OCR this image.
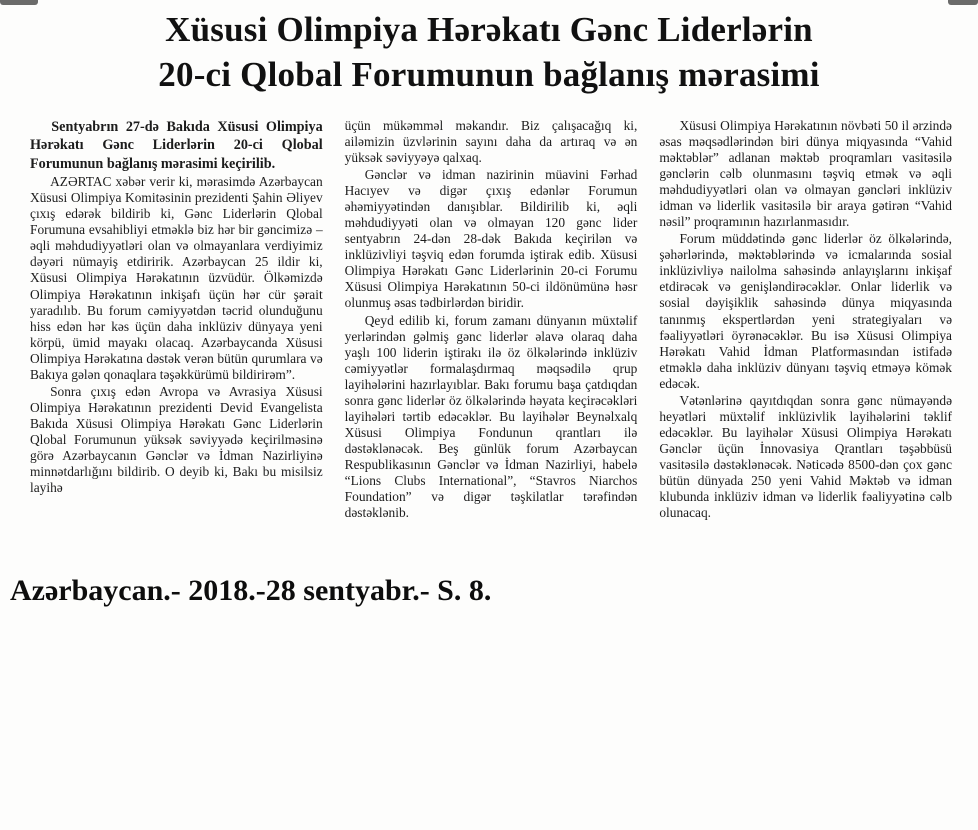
Xüsusi Olimpiya Hərəkatı Gənc Liderlərin
20-ci Qlobal Forumunun bağlanış mərasimi

Sentyabrın 27-də Bakıda Xüsusi Olimpiya Hərəkatı Gənc Liderlərin 20-ci Qlobal Forumunun bağlanış mərasimi keçirilib.

AZƏRTAC xəbər verir ki, mərasimdə Azərbaycan Xüsusi Olimpiya Komitəsinin prezidenti Şahin Əliyev çıxış edərək bildirib ki, Gənc Liderlərin Qlobal Forumuna evsahibliyi etməklə biz hər bir gəncimizə – əqli məhdudiyyətləri olan və olmayanlara verdiyimiz dəyəri nümayiş etdiririk. Azərbaycan 25 ildir ki, Xüsusi Olimpiya Hərəkatının üzvüdür. Ölkəmizdə Olimpiya Hərəkatının inkişafı üçün hər cür şərait yaradılıb. Bu forum cəmiyyətdən təcrid olunduğunu hiss edən hər kəs üçün daha inklüziv dünyaya yeni körpü, ümid mayakı olacaq. Azərbaycanda Xüsusi Olimpiya Hərəkatına dəstək verən bütün qurumlara və Bakıya gələn qonaqlara təşəkkürümü bildirirəm”.

Sonra çıxış edən Avropa və Avrasiya Xüsusi Olimpiya Hərəkatının prezidenti Devid Evangelista Bakıda Xüsusi Olimpiya Hərəkatı Gənc Liderlərin Qlobal Forumunun yüksək səviyyədə keçirilməsinə görə Azərbaycanın Gənclər və İdman Nazirliyinə minnətdarlığını bildirib. O deyib ki, Bakı bu misilsiz layihə

üçün mükəmməl məkandır. Biz çalışacağıq ki, ailəmizin üzvlərinin sayını daha da artıraq və ən yüksək səviyyəyə qalxaq.

Gənclər və idman nazirinin müavini Fərhad Hacıyev və digər çıxış edənlər Forumun əhəmiyyətindən danışıblar. Bildirilib ki, əqli məhdudiyyəti olan və olmayan 120 gənc lider sentyabrın 24-dən 28-dək Bakıda keçirilən və inklüzivliyi təşviq edən forumda iştirak edib. Xüsusi Olimpiya Hərəkatı Gənc Liderlərinin 20-ci Forumu Xüsusi Olimpiya Hərəkatının 50-ci ildönümünə həsr olunmuş əsas tədbirlərdən biridir.

Qeyd edilib ki, forum zamanı dünyanın müxtəlif yerlərindən gəlmiş gənc liderlər əlavə olaraq daha yaşlı 100 liderin iştirakı ilə öz ölkələrində inklüziv cəmiyyətlər formalaşdırmaq məqsədilə qrup layihələrini hazırlayıblar. Bakı forumu başa çatdıqdan sonra gənc liderlər öz ölkələrində həyata keçirəcəkləri layihələri tərtib edəcəklər. Bu layihələr Beynəlxalq Xüsusi Olimpiya Fondunun qrantları ilə dəstəklənəcək. Beş günlük forum Azərbaycan Respublikasının Gənclər və İdman Nazirliyi, habelə “Lions Clubs International”, “Stavros Niarchos Foundation” və digər təşkilatlar tərəfindən dəstəklənib.

Xüsusi Olimpiya Hərəkatının növbəti 50 il ərzində əsas məqsədlərindən biri dünya miqyasında “Vahid məktəblər” adlanan məktəb proqramları vasitəsilə gənclərin cəlb olunmasını təşviq etmək və əqli məhdudiyyətləri olan və olmayan gəncləri inklüziv idman və liderlik vasitəsilə bir araya gətirən “Vahid nəsil” proqramının hazırlanmasıdır.

Forum müddətində gənc liderlər öz ölkələrində, şəhərlərində, məktəblərində və icmalarında sosial inklüzivliyə nailolma sahəsində anlayışlarını inkişaf etdirəcək və genişləndirəcəklər. Onlar liderlik və sosial dəyişiklik sahəsində dünya miqyasında tanınmış ekspertlərdən yeni strategiyaları və fəaliyyətləri öyrənəcəklər. Bu isə Xüsusi Olimpiya Hərəkatı Vahid İdman Platformasından istifadə etməklə daha inklüziv dünyanı təşviq etməyə kömək edəcək.

Vətənlərinə qayıtdıqdan sonra gənc nümayəndə heyətləri müxtəlif inklüzivlik layihələrini təklif edəcəklər. Bu layihələr Xüsusi Olimpiya Hərəkatı Gənclər üçün İnnovasiya Qrantları təşəbbüsü vasitəsilə dəstəklənəcək. Nəticədə 8500-dən çox gənc bütün dünyada 250 yeni Vahid Məktəb və idman klubunda inklüziv idman və liderlik fəaliyyətinə cəlb olunacaq.

Azərbaycan.- 2018.-28 sentyabr.- S. 8.
